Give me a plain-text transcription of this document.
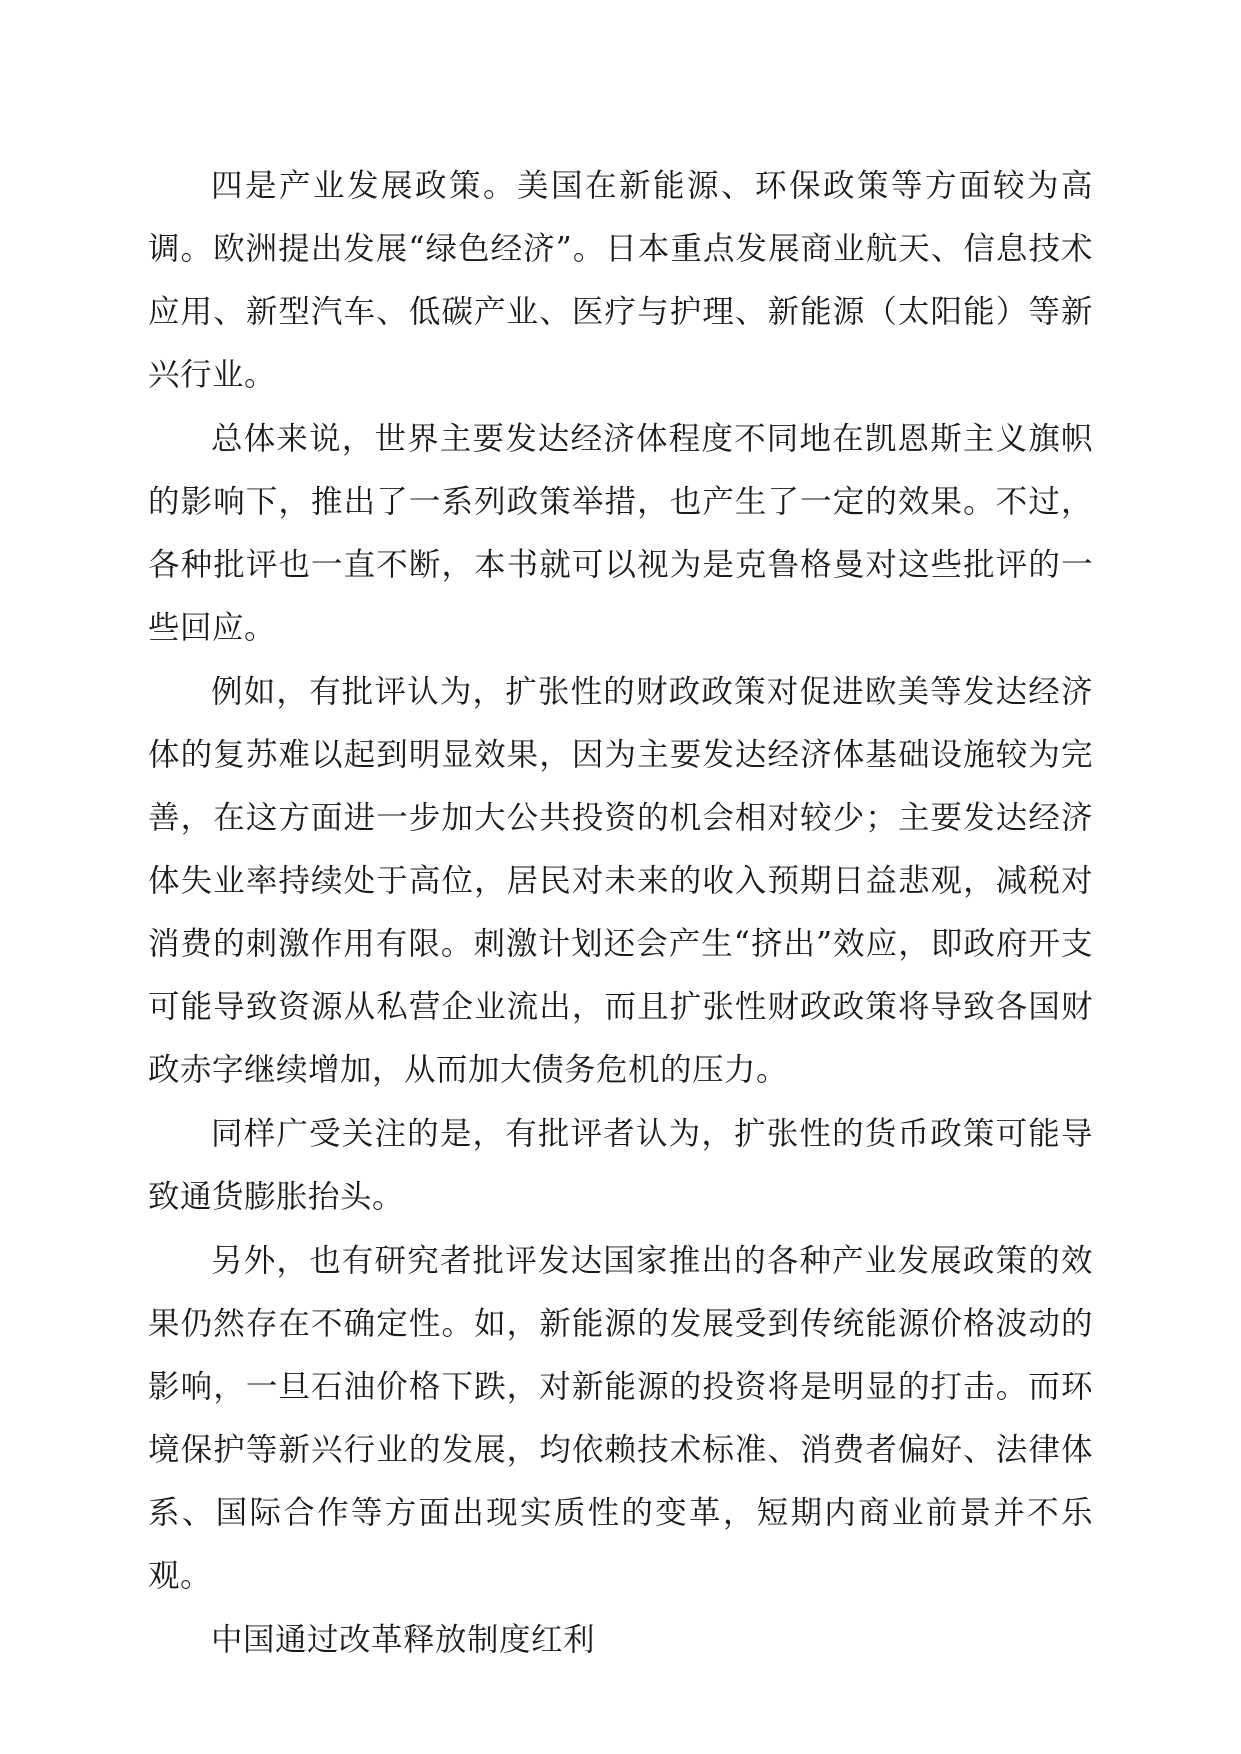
四是产业发展政策。美国在新能源、环保政策等方面较为高调。欧洲提出发展“绿色经济”。日本重点发展商业航天、信息技术应用、新型汽车、低碳产业、医疗与护理、新能源（太阳能）等新兴行业。

总体来说，世界主要发达经济体程度不同地在凯恩斯主义旗帜的影响下，推出了一系列政策举措，也产生了一定的效果。不过，各种批评也一直不断，本书就可以视为是克鲁格曼对这些批评的一些回应。

例如，有批评认为，扩张性的财政政策对促进欧美等发达经济体的复苏难以起到明显效果，因为主要发达经济体基础设施较为完善，在这方面进一步加大公共投资的机会相对较少；主要发达经济体失业率持续处于高位，居民对未来的收入预期日益悲观，减税对消费的刺激作用有限。刺激计划还会产生“挤出”效应，即政府开支可能导致资源从私营企业流出，而且扩张性财政政策将导致各国财政赤字继续增加，从而加大债务危机的压力。

同样广受关注的是，有批评者认为，扩张性的货币政策可能导致通货膨胀抬头。

另外，也有研究者批评发达国家推出的各种产业发展政策的效果仍然存在不确定性。如，新能源的发展受到传统能源价格波动的影响，一旦石油价格下跌，对新能源的投资将是明显的打击。而环境保护等新兴行业的发展，均依赖技术标准、消费者偏好、法律体系、国际合作等方面出现实质性的变革，短期内商业前景并不乐观。

中国通过改革释放制度红利
